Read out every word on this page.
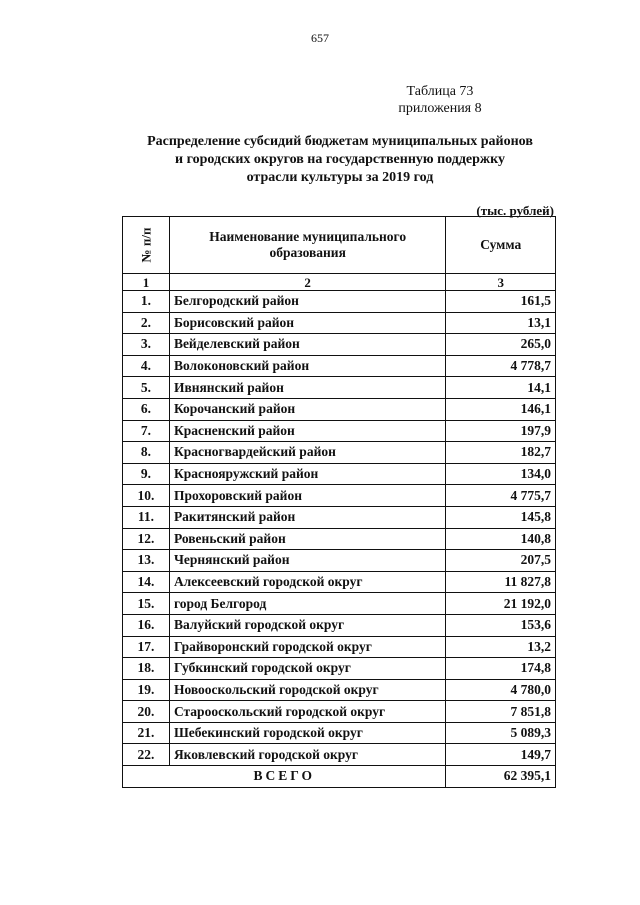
657
Таблица 73
приложения 8
Распределение субсидий бюджетам муниципальных районов
и городских округов на государственную поддержку
отрасли культуры за 2019 год
(тыс. рублей)
№ п/п	Наименование муниципального образования	Сумма
1	2	3
1.	Белгородский район	161,5
2.	Борисовский район	13,1
3.	Вейделевский район	265,0
4.	Волоконовский район	4 778,7
5.	Ивнянский район	14,1
6.	Корочанский район	146,1
7.	Красненский район	197,9
8.	Красногвардейский район	182,7
9.	Краснояружский район	134,0
10.	Прохоровский район	4 775,7
11.	Ракитянский район	145,8
12.	Ровеньский район	140,8
13.	Чернянский район	207,5
14.	Алексеевский городской округ	11 827,8
15.	город Белгород	21 192,0
16.	Валуйский городской округ	153,6
17.	Грайворонский городской округ	13,2
18.	Губкинский городской округ	174,8
19.	Новооскольский городской округ	4 780,0
20.	Старооскольский городской округ	7 851,8
21.	Шебекинский городской округ	5 089,3
22.	Яковлевский городской округ	149,7
ВСЕГО		62 395,1
